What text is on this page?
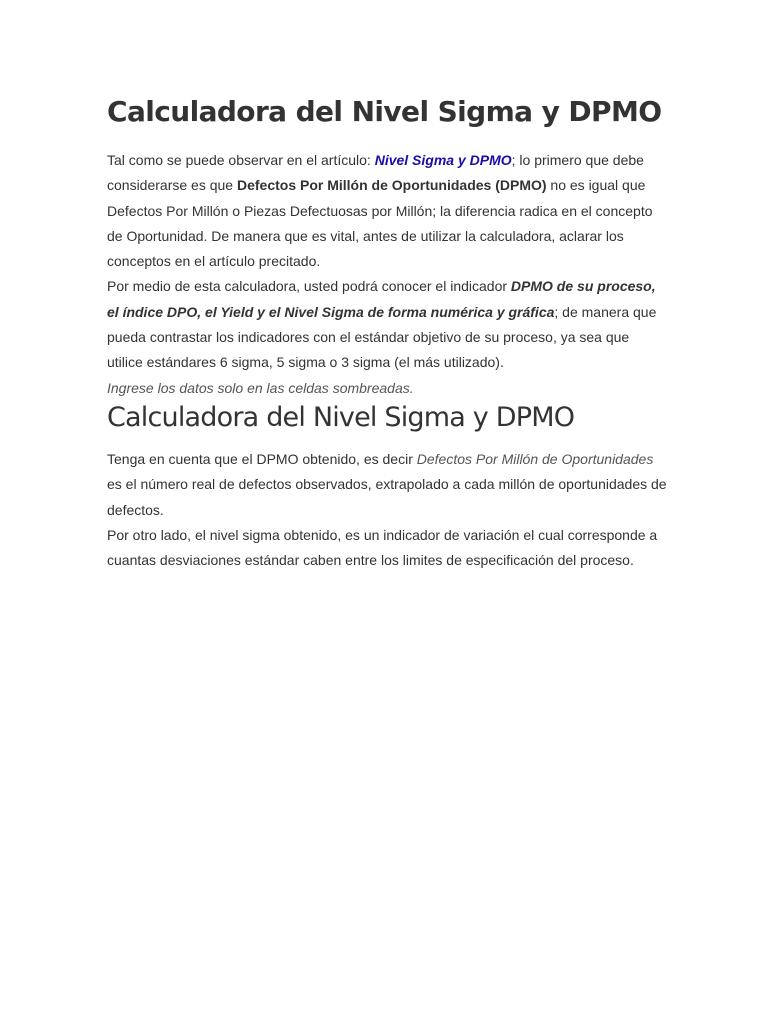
Calculadora del Nivel Sigma y DPMO

Tal como se puede observar en el artículo: Nivel Sigma y DPMO; lo primero que debe considerarse es que Defectos Por Millón de Oportunidades (DPMO) no es igual que Defectos Por Millón o Piezas Defectuosas por Millón; la diferencia radica en el concepto de Oportunidad. De manera que es vital, antes de utilizar la calculadora, aclarar los conceptos en el artículo precitado.

Por medio de esta calculadora, usted podrá conocer el indicador DPMO de su proceso, el índice DPO, el Yield y el Nivel Sigma de forma numérica y gráfica; de manera que pueda contrastar los indicadores con el estándar objetivo de su proceso, ya sea que utilice estándares 6 sigma, 5 sigma o 3 sigma (el más utilizado).

Ingrese los datos solo en las celdas sombreadas.

Calculadora del Nivel Sigma y DPMO

Tenga en cuenta que el DPMO obtenido, es decir Defectos Por Millón de Oportunidades es el número real de defectos observados, extrapolado a cada millón de oportunidades de defectos.

Por otro lado, el nivel sigma obtenido, es un indicador de variación el cual corresponde a cuantas desviaciones estándar caben entre los limites de especificación del proceso.
